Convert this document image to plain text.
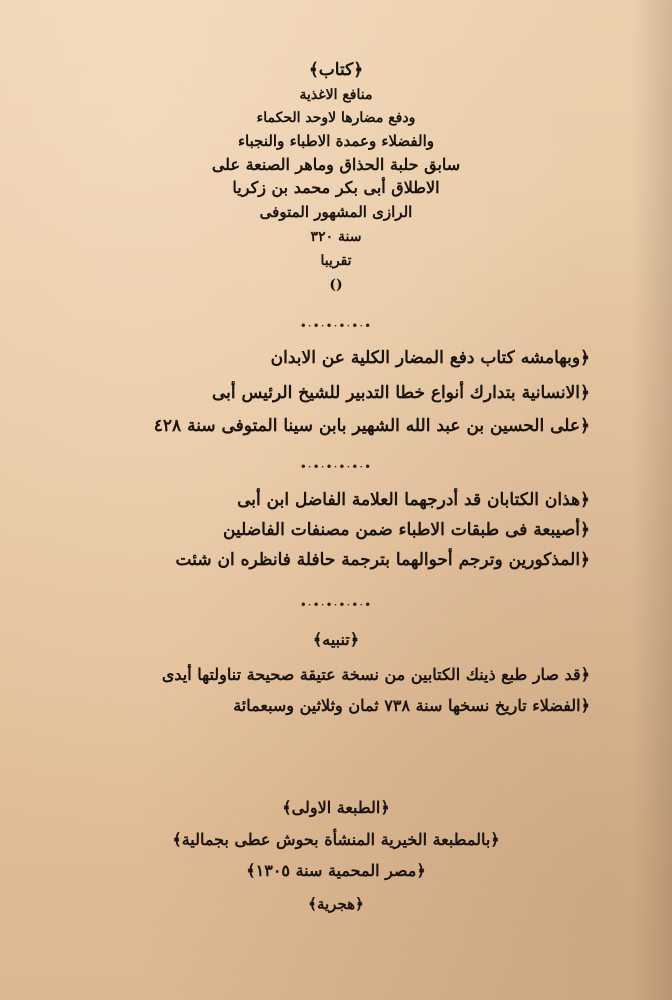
﴿كتاب﴾
منافع الاغذية
ودفع مضارها لاوحد الحكماء
والفضلاء وعمدة الاطباء والنجباء
سابق حلبة الحذاق وماهر الصنعة على
الاطلاق أبى بكر محمد بن زكريا
الرازى المشهور المتوفى
سنة ٣٢٠
تقريبا
()
•·•·•·•·•·•
﴿وبهامشه كتاب دفع المضار الكلية عن الابدان
﴿الانسانية بتدارك أنواع خطا التدبير للشيخ الرئيس أبى
﴿على الحسين بن عبد الله الشهير بابن سينا المتوفى سنة ٤٢٨
•·•·•·•·•·•
﴿هذان الكتابان قد أدرجهما العلامة الفاضل ابن أبى
﴿أصيبعة فى طبقات الاطباء ضمن مصنفات الفاضلين
﴿المذكورين وترجم أحوالهما بترجمة حافلة فانظره ان شئت
•·•·•·•·•·•
﴿تنبيه﴾
﴿قد صار طبع ذينك الكتابين من نسخة عتيقة صحيحة تناولتها أيدى
﴿الفضلاء تاريخ نسخها سنة ٧٣٨ ثمان وثلاثين وسبعمائة
﴿الطبعة الاولى﴾
﴿بالمطبعة الخيرية المنشأة بحوش عطى بجمالية﴾
﴿مصر المحمية سنة ١٣٠٥﴾
﴿هجرية﴾
